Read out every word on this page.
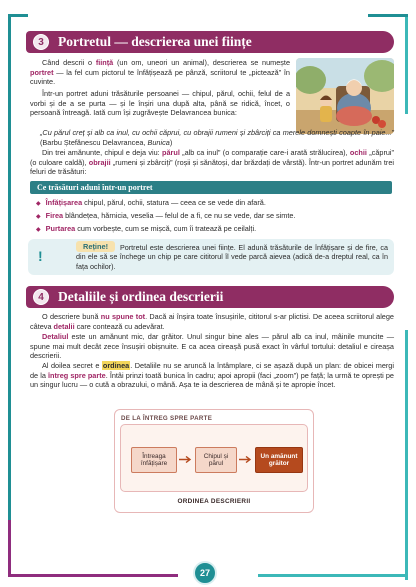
3	Portretul — descrierea unei ființe
Când descrii o ființă (un om, uneori un animal), descrierea se numește portret — la fel cum pictorul te înfățișează pe pânză, scriitorul te „pictează” în cuvinte.
Într-un portret aduni trăsăturile persoanei — chipul, părul, ochii, felul de a vorbi și de a se purta — și le înșiri una după alta, până se ridică, încet, o persoană întreagă. Iată cum își zugrăvește Delavrancea bunica:
„Cu părul creț și alb ca inul, cu ochii căprui, cu obrajii rumeni și zbârciți ca merele domnești coapte în paie...” (Barbu Ștefănescu Delavrancea, Bunica)
Din trei amănunte, chipul e deja viu: părul „alb ca inul” (o comparație care-i arată strălucirea), ochii „căprui” (o culoare caldă), obrajii „rumeni și zbârciți” (roșii și sănătoși, dar brăzdați de vârstă). Într-un portret adunăm trei feluri de trăsături:
Ce trăsături aduni într-un portret
◆ Înfățișarea chipul, părul, ochii, statura — ceea ce se vede din afară.
◆ Firea blândețea, hărnicia, veselia — felul de a fi, ce nu se vede, dar se simte.
◆ Purtarea cum vorbește, cum se mișcă, cum îi tratează pe ceilalți.
!
Reține!	Portretul este descrierea unei ființe. El adună trăsăturile de înfățișare și de fire, ca din ele să se închege un chip pe care cititorul îl vede parcă aievea (adică de-a dreptul real, ca în fața ochilor).
4	Detaliile și ordinea descrierii
O descriere bună nu spune tot. Dacă ai înșira toate însușirile, cititorul s-ar plictisi. De aceea scriitorul alege câteva detalii care contează cu adevărat.
Detaliul este un amănunt mic, dar grăitor. Unul singur bine ales — părul alb ca inul, mâinile muncite — spune mai mult decât zece însușiri obișnuite. E ca acea cireașă pusă exact în vârful tortului: detaliul e cireașa descrierii.
Al doilea secret e ordinea. Detaliile nu se aruncă la întâmplare, ci se așază după un plan: de obicei mergi de la întreg spre parte. Întâi prinzi toată bunica în cadru; apoi apropii (faci „zoom”) pe față; la urmă te oprești pe un singur lucru — o cută a obrazului, o mână. Așa te ia descrierea de mână și te apropie încet.
DE LA ÎNTREG SPRE PARTE
Întreaga
înfățișare
Chipul și
părul
Un amănunt
grăitor
ORDINEA DESCRIERII
27
